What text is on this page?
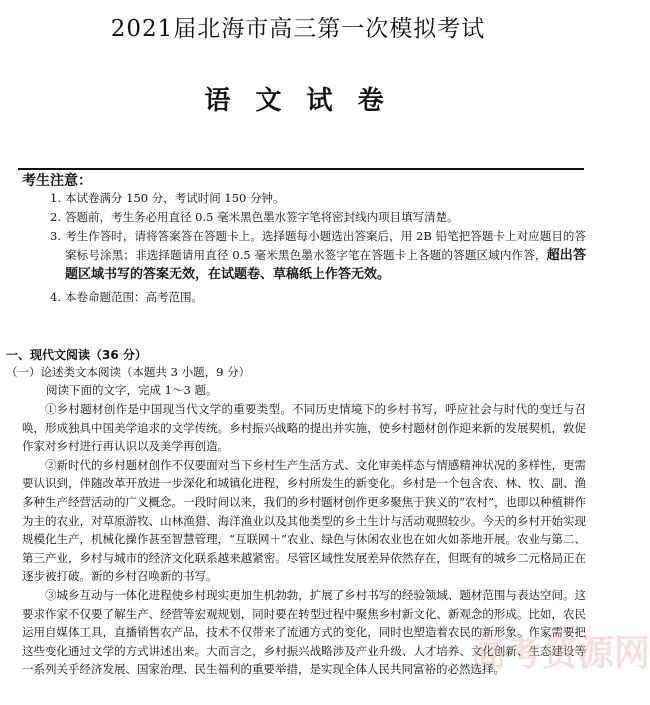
2021届北海市高三第一次模拟考试
语 文 试 卷
考生注意：
1. 本试卷满分 150 分，考试时间 150 分钟。
2. 答题前，考生务必用直径 0.5 毫米黑色墨水签字笔将密封线内项目填写清楚。
3. 考生作答时，请将答案答在答题卡上。选择题每小题选出答案后，用 2B 铅笔把答题卡上对应题目的答案标号涂黑；非选择题请用直径 0.5 毫米黑色墨水签字笔在答题卡上各题的答题区域内作答，超出答题区域书写的答案无效，在试题卷、草稿纸上作答无效。
4. 本卷命题范围：高考范围。
一、现代文阅读（36 分）
（一）论述类文本阅读（本题共 3 小题，9 分）
阅读下面的文字，完成 1～3 题。

①乡村题材创作是中国现当代文学的重要类型。不同历史情境下的乡村书写，呼应社会与时代的变迁与召唤，形成独具中国美学追求的文学传统。乡村振兴战略的提出并实施，使乡村题材创作迎来新的发展契机，敦促作家对乡村进行再认识以及美学再创造。

②新时代的乡村题材创作不仅要面对当下乡村生产生活方式、文化审美样态与情感精神状况的多样性，更需要认识到，伴随改革开放进一步深化和城镇化进程，乡村所发生的新变化。乡村是一个包含农、林、牧、副、渔多种生产经营活动的广义概念。一段时间以来，我们的乡村题材创作更多聚焦于狭义的“农村”，也即以种植耕作为主的农业，对草原游牧、山林渔猎、海洋渔业以及其他类型的乡土生计与活动观照较少。今天的乡村开始实现规模化生产，机械化操作甚至智慧管理，“互联网＋”农业、绿色与休闲农业也在如火如荼地开展。农业与第二、第三产业，乡村与城市的经济文化联系越来越紧密。尽管区域性发展差异依然存在，但既有的城乡二元格局正在逐步被打破。新的乡村召唤新的书写。

③城乡互动与一体化进程使乡村现实更加生机勃勃，扩展了乡村书写的经验领域、题材范围与表达空间。这要求作家不仅要了解生产、经营等宏观规划，同时要在转型过程中聚焦乡村新文化、新观念的形成。比如，农民运用自媒体工具，直播销售农产品，技术不仅带来了流通方式的变化，同时也塑造着农民的新形象。作家需要把这些变化通过文学的方式讲述出来。大而言之，乡村振兴战略涉及产业升级、人才培养、文化创新、生态建设等一系列关乎经济发展、国家治理、民生福利的重要举措，是实现全体人民共同富裕的必然选择。

高考资源网
